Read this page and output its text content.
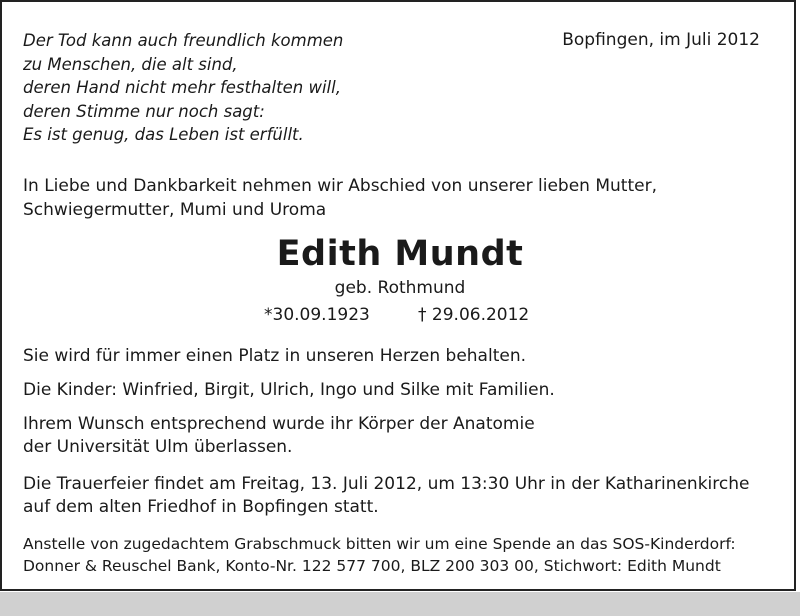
Der Tod kann auch freundlich kommen
zu Menschen, die alt sind,
deren Hand nicht mehr festhalten will,
deren Stimme nur noch sagt:
Es ist genug, das Leben ist erfüllt.
Bopfingen, im Juli 2012
In Liebe und Dankbarkeit nehmen wir Abschied von unserer lieben Mutter,
Schwiegermutter, Mumi und Uroma
Edith Mundt
geb. Rothmund
*30.09.1923	† 29.06.2012
Sie wird für immer einen Platz in unseren Herzen behalten.
Die Kinder: Winfried, Birgit, Ulrich, Ingo und Silke mit Familien.
Ihrem Wunsch entsprechend wurde ihr Körper der Anatomie
der Universität Ulm überlassen.
Die Trauerfeier findet am Freitag, 13. Juli 2012, um 13:30 Uhr in der Katharinenkirche
auf dem alten Friedhof in Bopfingen statt.
Anstelle von zugedachtem Grabschmuck bitten wir um eine Spende an das SOS-Kinderdorf:
Donner & Reuschel Bank, Konto-Nr. 122 577 700, BLZ 200 303 00, Stichwort: Edith Mundt
